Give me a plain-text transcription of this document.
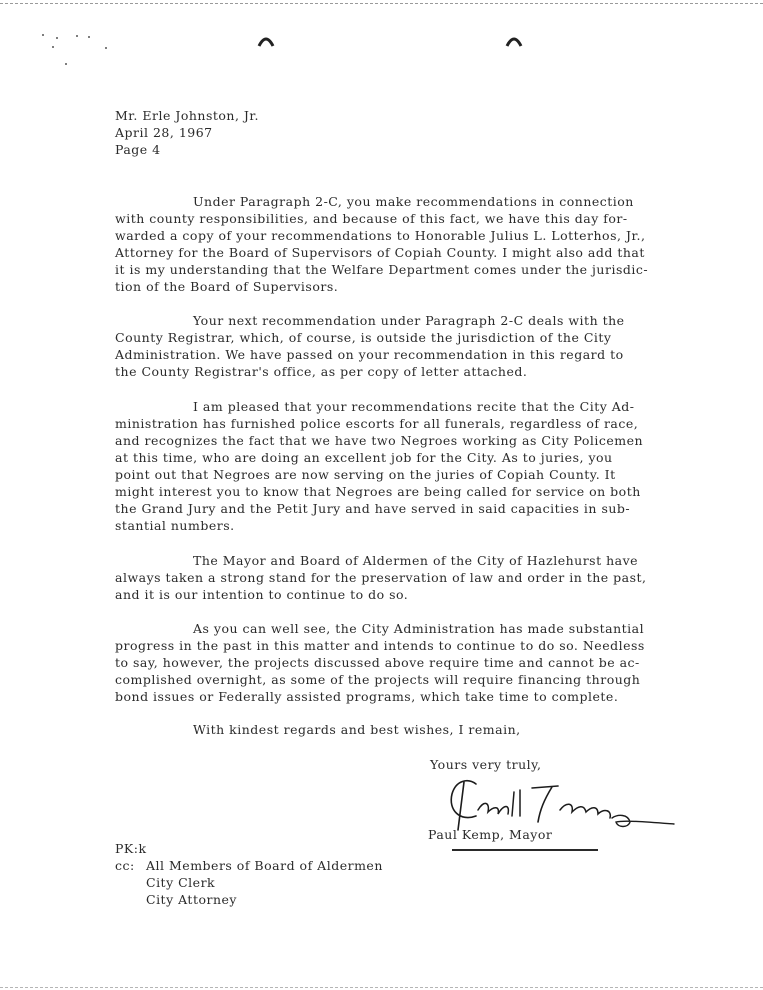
Mr. Erle Johnston, Jr.
April 28, 1967
Page 4
Under Paragraph 2-C, you make recommendations in connection
with county responsibilities, and because of this fact, we have this day for-
warded a copy of your recommendations to Honorable Julius L. Lotterhos, Jr.,
Attorney for the Board of Supervisors of Copiah County. I might also add that
it is my understanding that the Welfare Department comes under the jurisdic-
tion of the Board of Supervisors.
Your next recommendation under Paragraph 2-C deals with the
County Registrar, which, of course, is outside the jurisdiction of the City
Administration. We have passed on your recommendation in this regard to
the County Registrar's office, as per copy of letter attached.
I am pleased that your recommendations recite that the City Ad-
ministration has furnished police escorts for all funerals, regardless of race,
and recognizes the fact that we have two Negroes working as City Policemen
at this time, who are doing an excellent job for the City. As to juries, you
point out that Negroes are now serving on the juries of Copiah County. It
might interest you to know that Negroes are being called for service on both
the Grand Jury and the Petit Jury and have served in said capacities in sub-
stantial numbers.
The Mayor and Board of Aldermen of the City of Hazlehurst have
always taken a strong stand for the preservation of law and order in the past,
and it is our intention to continue to do so.
As you can well see, the City Administration has made substantial
progress in the past in this matter and intends to continue to do so. Needless
to say, however, the projects discussed above require time and cannot be ac-
complished overnight, as some of the projects will require financing through
bond issues or Federally assisted programs, which take time to complete.
With kindest regards and best wishes, I remain,
Yours very truly,
Paul Kemp, Mayor
PK:k
cc: All Members of Board of Aldermen
City Clerk
City Attorney
